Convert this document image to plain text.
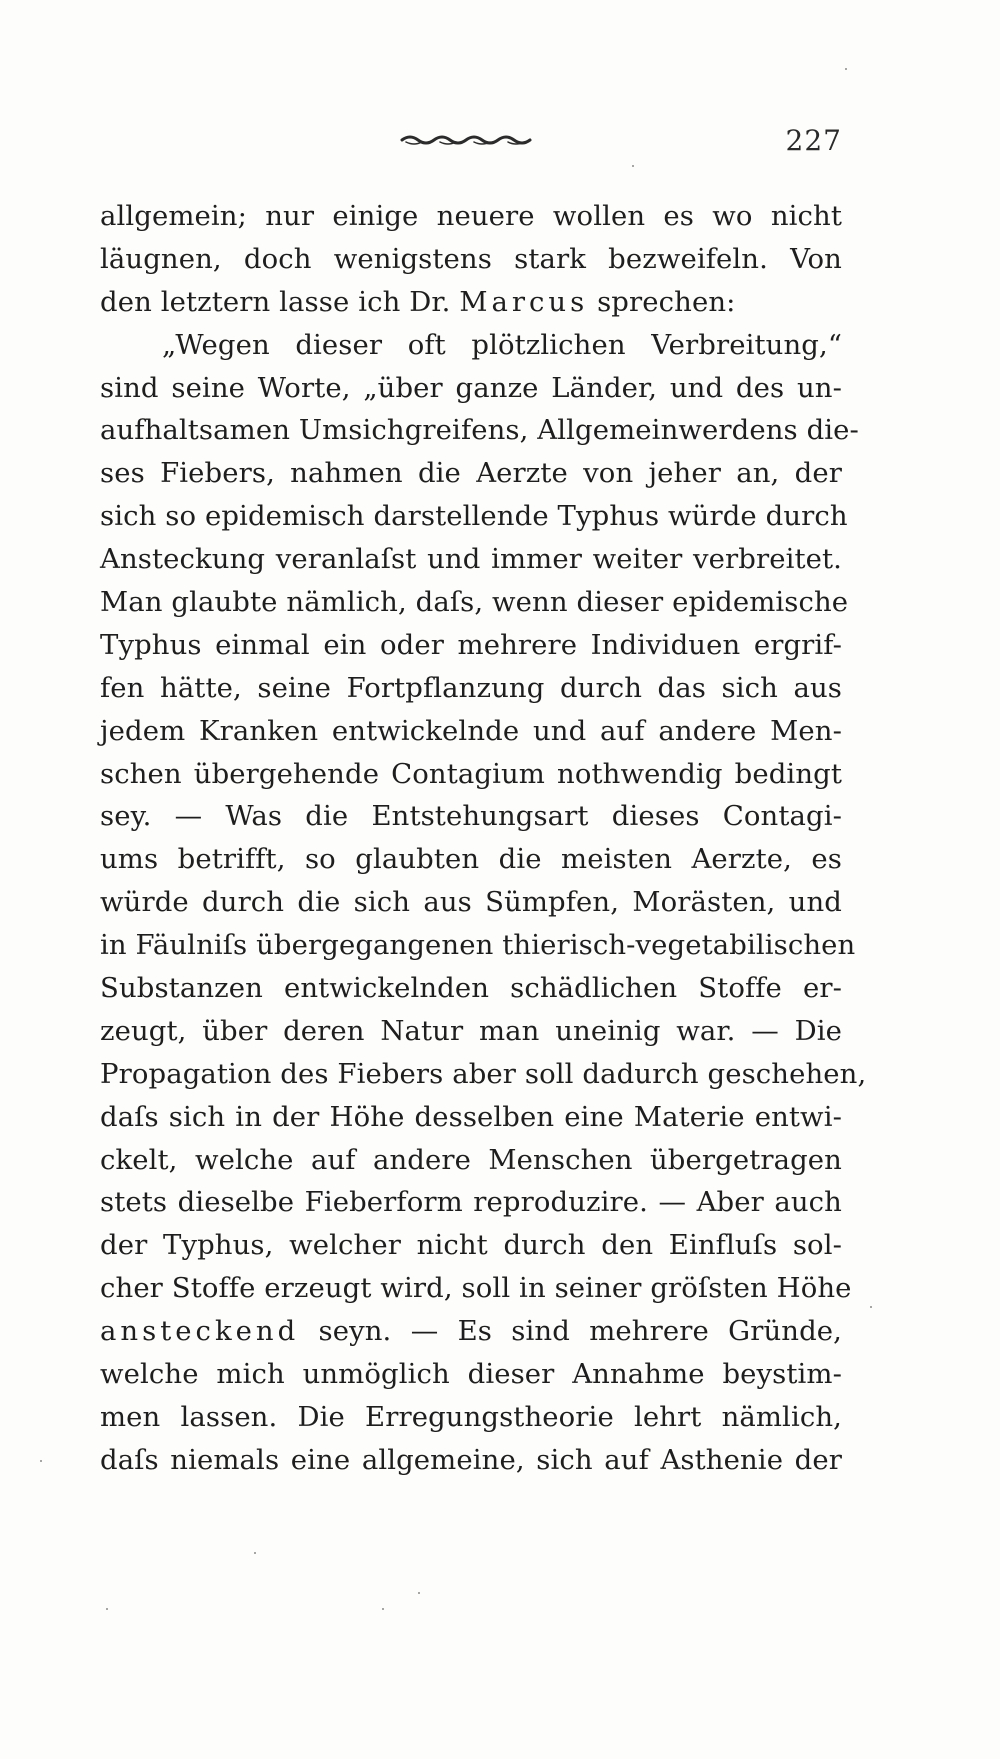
227
allgemein; nur einige neuere wollen es wo nicht
läugnen, doch wenigstens stark bezweifeln. Von
den letztern lasse ich Dr. Marcus sprechen:
„Wegen dieser oft plötzlichen Verbreitung,“
sind seine Worte, „über ganze Länder, und des un-
aufhaltsamen Umsichgreifens, Allgemeinwerdens die-
ses Fiebers, nahmen die Aerzte von jeher an, der
sich so epidemisch darstellende Typhus würde durch
Ansteckung veranlaſst und immer weiter verbreitet.
Man glaubte nämlich, daſs, wenn dieser epidemische
Typhus einmal ein oder mehrere Individuen ergrif-
fen hätte, seine Fortpflanzung durch das sich aus
jedem Kranken entwickelnde und auf andere Men-
schen übergehende Contagium nothwendig bedingt
sey. — Was die Entstehungsart dieses Contagi-
ums betrifft, so glaubten die meisten Aerzte, es
würde durch die sich aus Sümpfen, Morästen, und
in Fäulniſs übergegangenen thierisch-vegetabilischen
Substanzen entwickelnden schädlichen Stoffe er-
zeugt, über deren Natur man uneinig war. — Die
Propagation des Fiebers aber soll dadurch geschehen,
daſs sich in der Höhe desselben eine Materie entwi-
ckelt, welche auf andere Menschen übergetragen
stets dieselbe Fieberform reproduzire. — Aber auch
der Typhus, welcher nicht durch den Einfluſs sol-
cher Stoffe erzeugt wird, soll in seiner gröſsten Höhe
ansteckend seyn. — Es sind mehrere Gründe,
welche mich unmöglich dieser Annahme beystim-
men lassen. Die Erregungstheorie lehrt nämlich,
daſs niemals eine allgemeine, sich auf Asthenie der
